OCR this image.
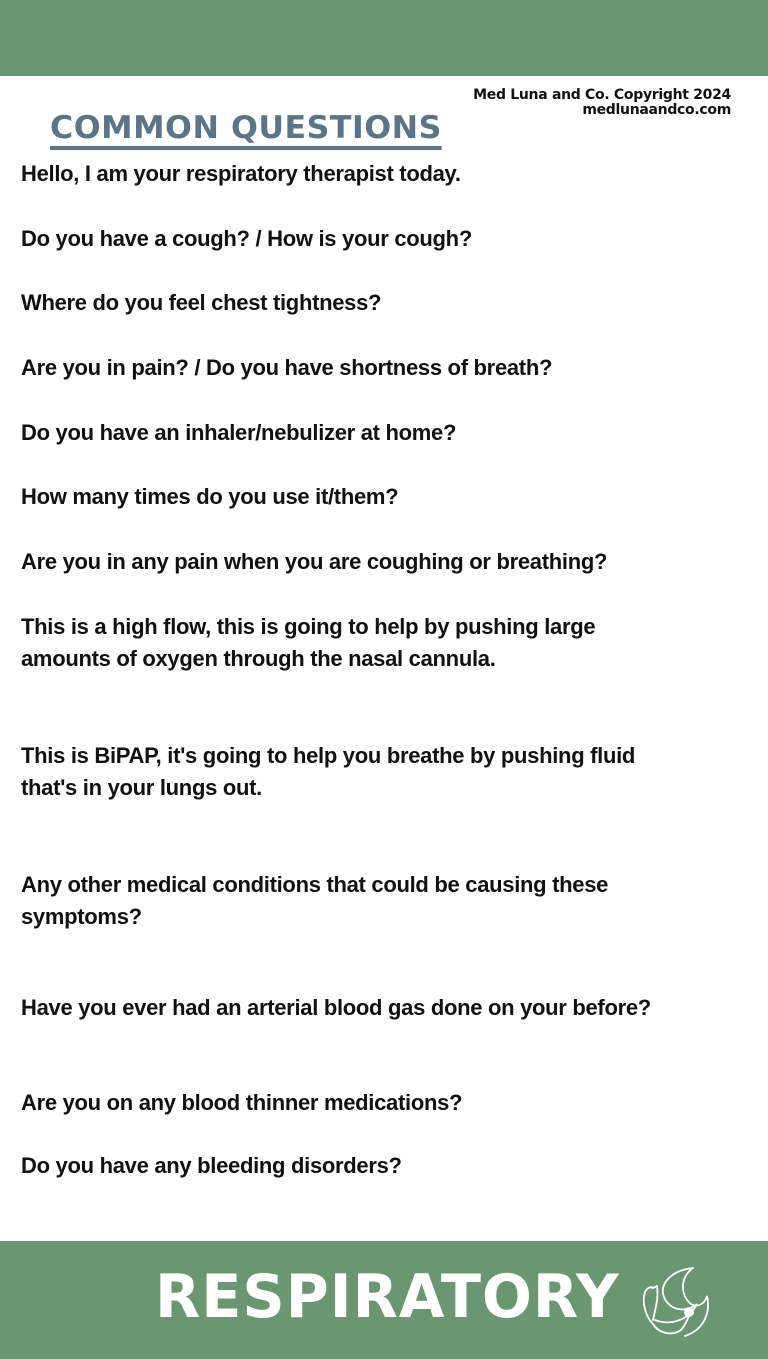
Med Luna and Co. Copyright 2024
medlunaandco.com
COMMON QUESTIONS
Hello, I am your respiratory therapist today.
Do you have a cough? / How is your cough?
Where do you feel chest tightness?
Are you in pain? / Do you have shortness of breath?
Do you have an inhaler/nebulizer at home?
How many times do you use it/them?
Are you in any pain when you are coughing or breathing?
This is a high flow, this is going to help by pushing large amounts of oxygen through the nasal cannula.
This is BiPAP, it's going to help you breathe by pushing fluid that's in your lungs out.
Any other medical conditions that could be causing these symptoms?
Have you ever had an arterial blood gas done on your before?
Are you on any blood thinner medications?
Do you have any bleeding disorders?
RESPIRATORY
